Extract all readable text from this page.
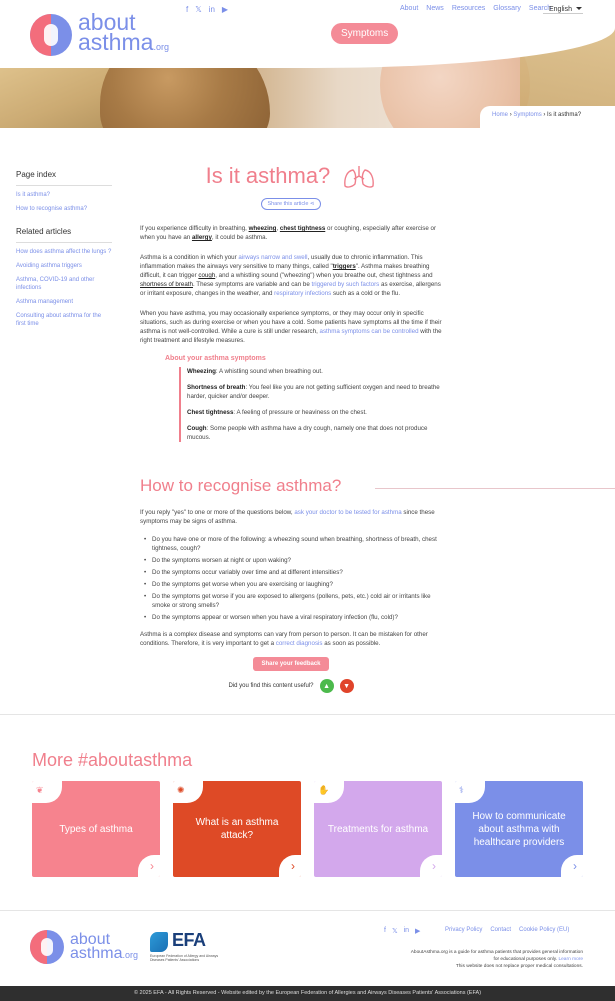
about
asthma.org
f 𝕏 in ▶	About News Resources Glossary Search
English
Symptoms	Attacks	Care	Life	Help
Home › Symptoms › Is it asthma?
Page index
Is it asthma?
How to recognise asthma?
Related articles
How does asthma affect the lungs ?
Avoiding asthma triggers
Asthma, COVID-19 and other infections
Asthma management
Consulting about asthma for the first time
Is it asthma?
Share this article ⋖
If you experience difficulty in breathing, wheezing, chest tightness or coughing, especially after exercise or when you have an allergy, it could be asthma.
Asthma is a condition in which your airways narrow and swell, usually due to chronic inflammation. This inflammation makes the airways very sensitive to many things, called "triggers". Asthma makes breathing difficult, it can trigger cough, and a whistling sound ("wheezing") when you breathe out, chest tightness and shortness of breath. These symptoms are variable and can be triggered by such factors as exercise, allergens or irritant exposure, changes in the weather, and respiratory infections such as a cold or the flu.
When you have asthma, you may occasionally experience symptoms, or they may occur only in specific situations, such as during exercise or when you have a cold. Some patients have symptoms all the time if their asthma is not well-controlled. While a cure is still under research, asthma symptoms can be controlled with the right treatment and lifestyle measures.
About your asthma symptoms
Wheezing: A whistling sound when breathing out.
Shortness of breath: You feel like you are not getting sufficient oxygen and need to breathe harder, quicker and/or deeper.
Chest tightness: A feeling of pressure or heaviness on the chest.
Cough: Some people with asthma have a dry cough, namely one that does not produce mucous.
How to recognise asthma?
If you reply "yes" to one or more of the questions below, ask your doctor to be tested for asthma since these symptoms may be signs of asthma.
• Do you have one or more of the following: a wheezing sound when breathing, shortness of breath, chest tightness, cough?
• Do the symptoms worsen at night or upon waking?
• Do the symptoms occur variably over time and at different intensities?
• Do the symptoms get worse when you are exercising or laughing?
• Do the symptoms get worse if you are exposed to allergens (pollens, pets, etc.) cold air or irritants like smoke or strong smells?
• Do the symptoms appear or worsen when you have a viral respiratory infection (flu, cold)?
Asthma is a complex disease and symptoms can vary from person to person. It can be mistaken for other conditions. Therefore, it is very important to get a correct diagnosis as soon as possible.
Share your feedback
Did you find this content useful?	▲	▼
More #aboutasthma
❦
Types of asthma
›
✺
What is an asthma attack?
›
✋
Treatments for asthma
›
⚕
How to communicate about asthma with healthcare providers
›
about
asthma.org
EFA
European Federation of Allergy and Airways Diseases Patients' Associations
f 𝕏 in ▶	Privacy Policy Contact Cookie Policy (EU)
AboutAsthma.org is a guide for asthma patients that provides general information for educational purposes only. Learn more
This website does not replace proper medical consultations.
© 2025 EFA - All Rights Reserved - Website edited by the European Federation of Allergies and Airways Diseases Patients' Associations (EFA)
